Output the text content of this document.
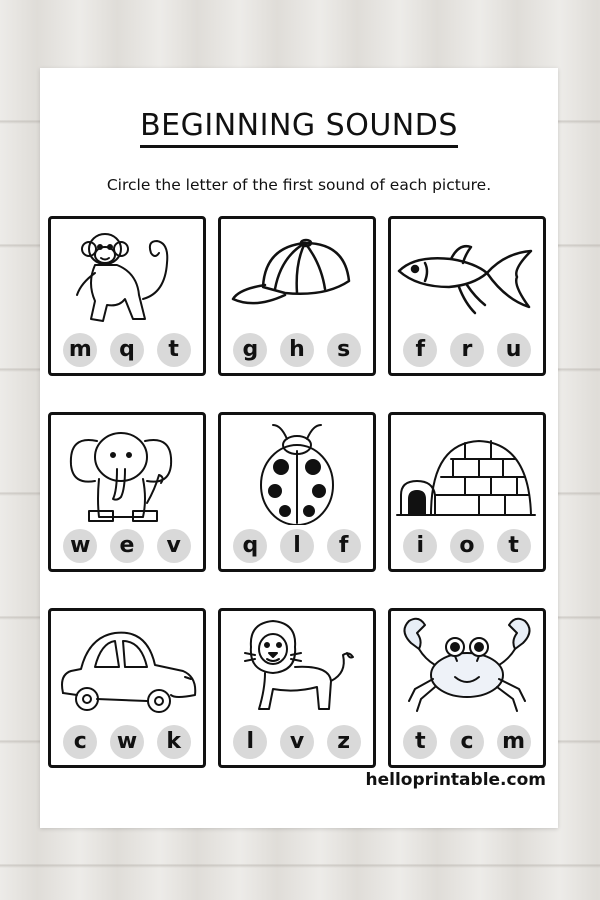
BEGINNING SOUNDS
Circle the letter of the first sound of each picture.
m	q	t	g	h	s	f	r	u
w	e	v	q	l	f	i	o	t
c	w	k	l	v	z	t	c	m
helloprintable.com
